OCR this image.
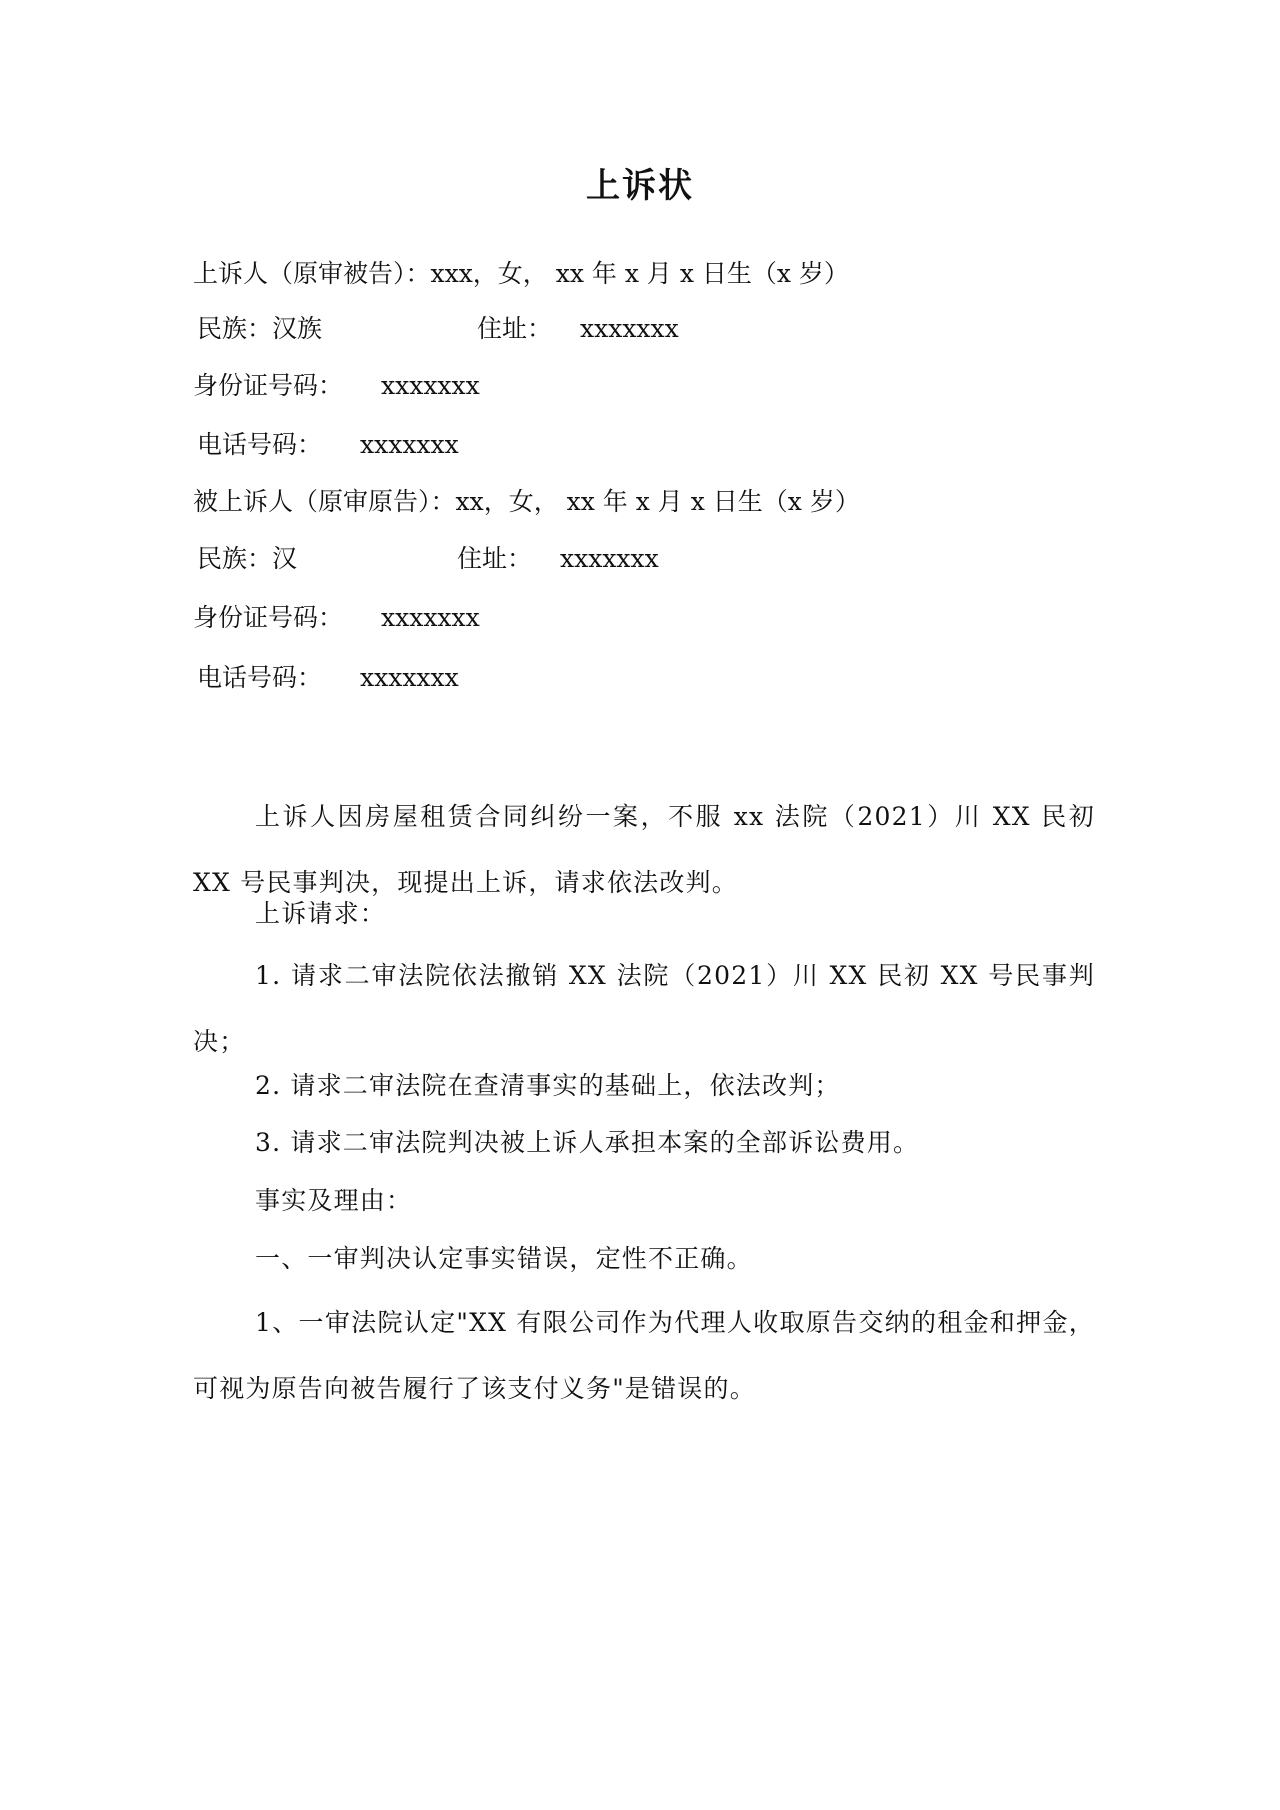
上诉状

上诉人（原审被告）：xxx，女， xx 年 x 月 x 日生（x 岁）

民族：汉族	住址： xxxxxxx

身份证号码： xxxxxxx

电话号码： xxxxxxx

被上诉人（原审原告）：xx，女， xx 年 x 月 x 日生（x 岁）

民族：汉	住址： xxxxxxx

身份证号码： xxxxxxx

电话号码： xxxxxxx

上诉人因房屋租赁合同纠纷一案，不服 xx 法院（2021）川 XX 民初 XX 号民事判决，现提出上诉，请求依法改判。

上诉请求：

1. 请求二审法院依法撤销 XX 法院（2021）川 XX 民初 XX 号民事判决；

2. 请求二审法院在查清事实的基础上，依法改判；

3. 请求二审法院判决被上诉人承担本案的全部诉讼费用。

事实及理由：

一、一审判决认定事实错误，定性不正确。

1、一审法院认定"XX 有限公司作为代理人收取原告交纳的租金和押金，可视为原告向被告履行了该支付义务"是错误的。
